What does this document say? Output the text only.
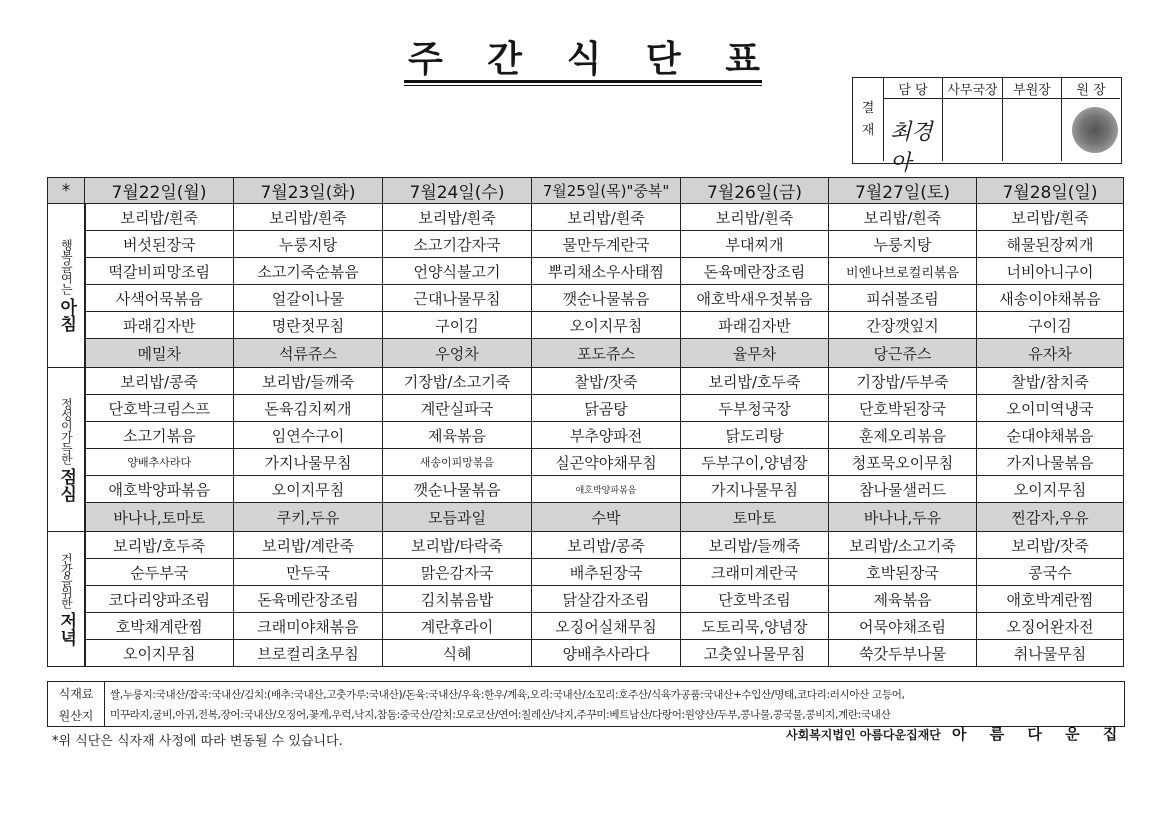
주 간 식 단 표
결
재
담 당	사무국장	부원장	원 장
최경아
*	7월22일(월)	7월23일(화)	7월24일(수)	7월25일(목)"중복"	7월26일(금)	7월27일(토)	7월28일(일)

행복을여는
아침	보리밥/흰죽	보리밥/흰죽	보리밥/흰죽	보리밥/흰죽	보리밥/흰죽	보리밥/흰죽	보리밥/흰죽
	버섯된장국	누룽지탕	소고기감자국	물만두계란국	부대찌개	누룽지탕	해물된장찌개
	떡갈비피망조림	소고기죽순볶음	언양식불고기	뿌리채소우사태찜	돈육메란장조림	비엔나브로컬리볶음	너비아니구이
	사색어묵볶음	얼갈이나물	근대나물무침	깻순나물볶음	애호박새우젓볶음	피쉬볼조림	새송이야채볶음
	파래김자반	명란젓무침	구이김	오이지무침	파래김자반	간장깻잎지	구이김
	메밀차	석류쥬스	우엉차	포도쥬스	율무차	당근쥬스	유자차

정성이가득한
점심	보리밥/콩죽	보리밥/들깨죽	기장밥/소고기죽	찰밥/잣죽	보리밥/호두죽	기장밥/두부죽	찰밥/참치죽
	단호박크림스프	돈육김치찌개	계란실파국	닭곰탕	두부청국장	단호박된장국	오이미역냉국
	소고기볶음	임연수구이	제육볶음	부추양파전	닭도리탕	훈제오리볶음	순대야채볶음
	양배추사라다	가지나물무침	새송이피망볶음	실곤약야채무침	두부구이,양념장	청포묵오이무침	가지나물볶음
	애호박양파볶음	오이지무침	깻순나물볶음	애호박양파볶음	가지나물무침	참나물샐러드	오이지무침
	바나나,토마토	쿠키,두유	모듬과일	수박	토마토	바나나,두유	찐감자,우유

건강을위한
저녁	보리밥/호두죽	보리밥/계란죽	보리밥/타락죽	보리밥/콩죽	보리밥/들깨죽	보리밥/소고기죽	보리밥/잣죽
	순두부국	만두국	맑은감자국	배추된장국	크래미계란국	호박된장국	콩국수
	코다리양파조림	돈육메란장조림	김치볶음밥	닭살감자조림	단호박조림	제육볶음	애호박계란찜
	호박채계란찜	크래미야채볶음	계란후라이	오징어실채무침	도토리묵,양념장	어묵야채조림	오징어완자전
	오이지무침	브로컬리초무침	식혜	양배추사라다	고춧잎나물무침	쑥갓두부나물	취나물무침
식재료
원산지
쌀,누룽지:국내산/잡곡:국내산/김치:(배추:국내산,고춧가루:국내산)/돈육:국내산/우육:한우/계육,오리:국내산/소꼬리:호주산/식육가공품:국내산+수입산/명태,코다리:러시아산 고등어,
미꾸라지,굴비,아귀,전복,장어:국내산/오징어,꽃게,우럭,낙지,참돔:중국산/갈치:모로코산/연어:칠레산/낙지,주꾸미:베트남산/다랑어:원양산/두부,콩나물,콩국물,콩비지,계란:국내산
*위 식단은 식자재 사정에 따라 변동될 수 있습니다.	사회복지법인 아름다운집재단 아 름 다 운 집
